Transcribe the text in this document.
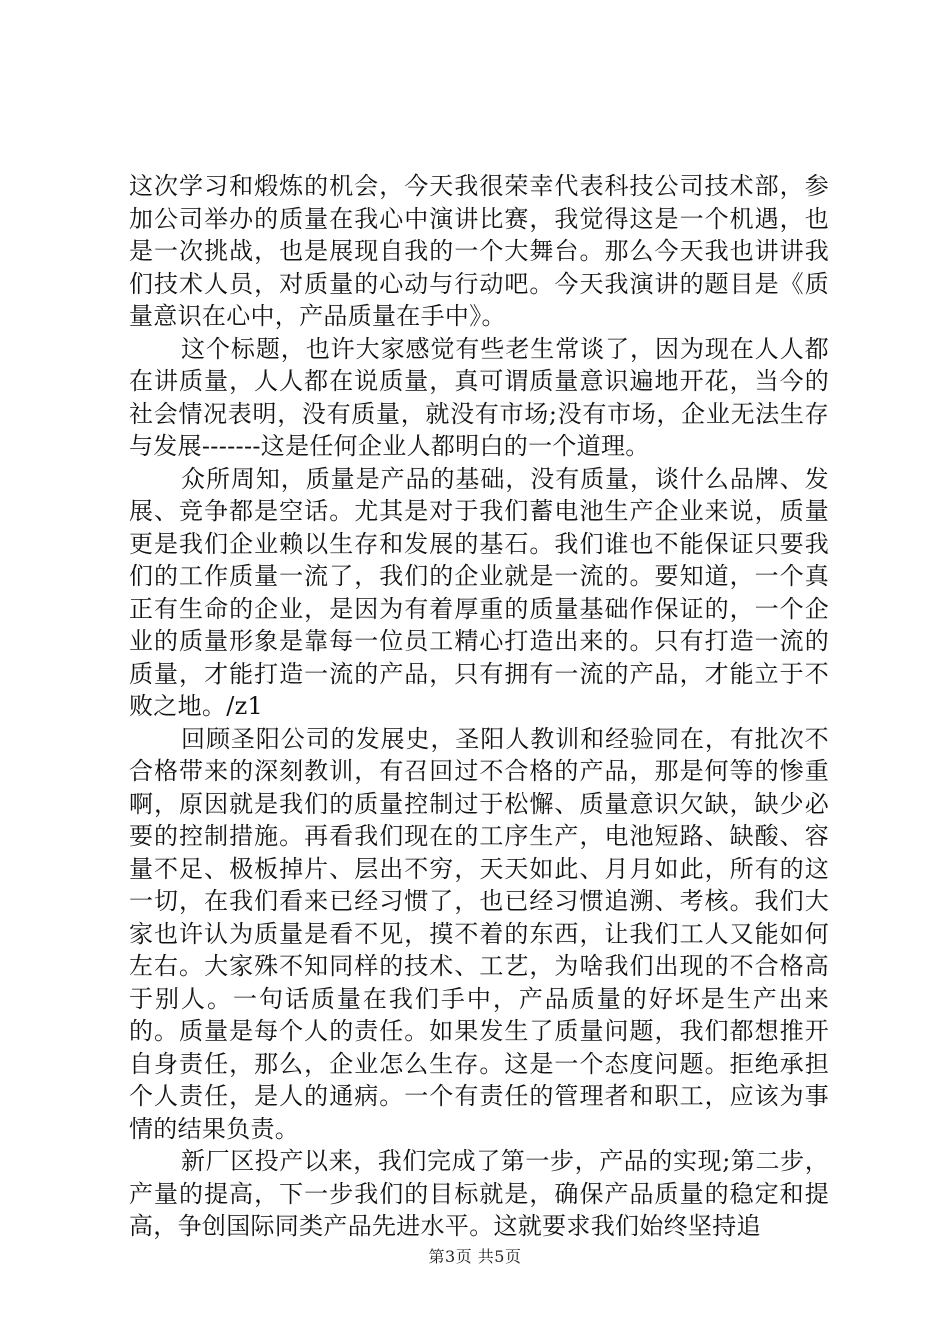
这次学习和煅炼的机会，今天我很荣幸代表科技公司技术部，参加公司举办的质量在我心中演讲比赛，我觉得这是一个机遇，也是一次挑战，也是展现自我的一个大舞台。那么今天我也讲讲我们技术人员，对质量的心动与行动吧。今天我演讲的题目是《质量意识在心中，产品质量在手中》。

这个标题，也许大家感觉有些老生常谈了，因为现在人人都在讲质量，人人都在说质量，真可谓质量意识遍地开花，当今的社会情况表明，没有质量，就没有市场;没有市场，企业无法生存与发展-------这是任何企业人都明白的一个道理。

众所周知，质量是产品的基础，没有质量，谈什么品牌、发展、竞争都是空话。尤其是对于我们蓄电池生产企业来说，质量更是我们企业赖以生存和发展的基石。我们谁也不能保证只要我们的工作质量一流了，我们的企业就是一流的。要知道，一个真正有生命的企业，是因为有着厚重的质量基础作保证的，一个企业的质量形象是靠每一位员工精心打造出来的。只有打造一流的质量，才能打造一流的产品，只有拥有一流的产品，才能立于不败之地。/z1

回顾圣阳公司的发展史，圣阳人教训和经验同在，有批次不合格带来的深刻教训，有召回过不合格的产品，那是何等的惨重啊，原因就是我们的质量控制过于松懈、质量意识欠缺，缺少必要的控制措施。再看我们现在的工序生产，电池短路、缺酸、容量不足、极板掉片、层出不穷，天天如此、月月如此，所有的这一切，在我们看来已经习惯了，也已经习惯追溯、考核。我们大家也许认为质量是看不见，摸不着的东西，让我们工人又能如何左右。大家殊不知同样的技术、工艺，为啥我们出现的不合格高于别人。一句话质量在我们手中，产品质量的好坏是生产出来的。质量是每个人的责任。如果发生了质量问题，我们都想推开自身责任，那么，企业怎么生存。这是一个态度问题。拒绝承担个人责任，是人的通病。一个有责任的管理者和职工，应该为事情的结果负责。

新厂区投产以来，我们完成了第一步，产品的实现;第二步，产量的提高，下一步我们的目标就是，确保产品质量的稳定和提高，争创国际同类产品先进水平。这就要求我们始终坚持追

第3页 共5页
